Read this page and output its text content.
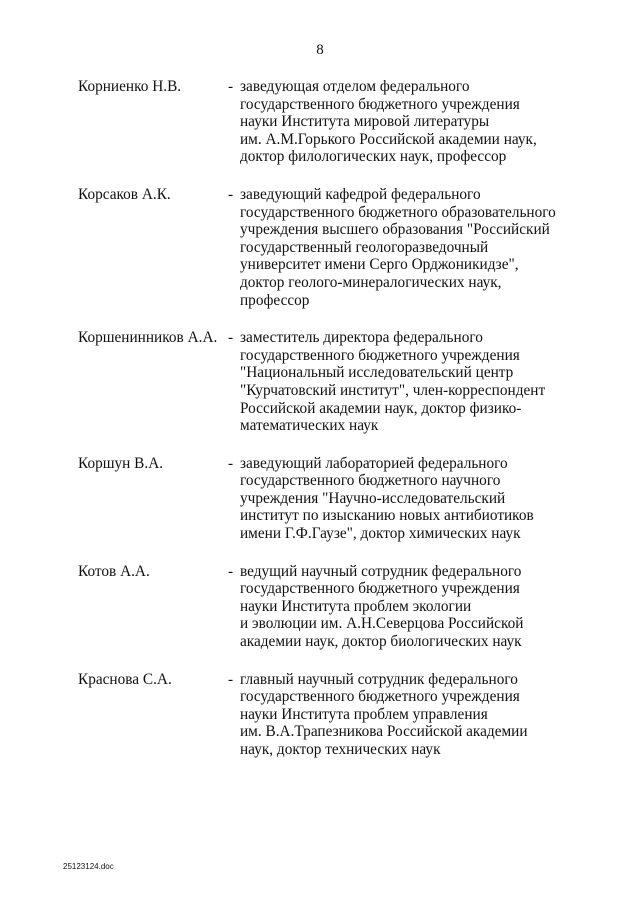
8
Корниенко Н.В.	- заведующая отделом федерального
государственного бюджетного учреждения
науки Института мировой литературы
им. А.М.Горького Российской академии наук,
доктор филологических наук, профессор
Корсаков А.К.	- заведующий кафедрой федерального
государственного бюджетного образовательного
учреждения высшего образования "Российский
государственный геологоразведочный
университет имени Серго Орджоникидзе",
доктор геолого-минералогических наук,
профессор
Коршенинников А.А. - заместитель директора федерального
государственного бюджетного учреждения
"Национальный исследовательский центр
"Курчатовский институт", член-корреспондент
Российской академии наук, доктор физико-
математических наук
Коршун В.А.	- заведующий лабораторией федерального
государственного бюджетного научного
учреждения "Научно-исследовательский
институт по изысканию новых антибиотиков
имени Г.Ф.Гаузе", доктор химических наук
Котов А.А.	- ведущий научный сотрудник федерального
государственного бюджетного учреждения
науки Института проблем экологии
и эволюции им. А.Н.Северцова Российской
академии наук, доктор биологических наук
Краснова С.А.	- главный научный сотрудник федерального
государственного бюджетного учреждения
науки Института проблем управления
им. В.А.Трапезникова Российской академии
наук, доктор технических наук
25123124.doc
